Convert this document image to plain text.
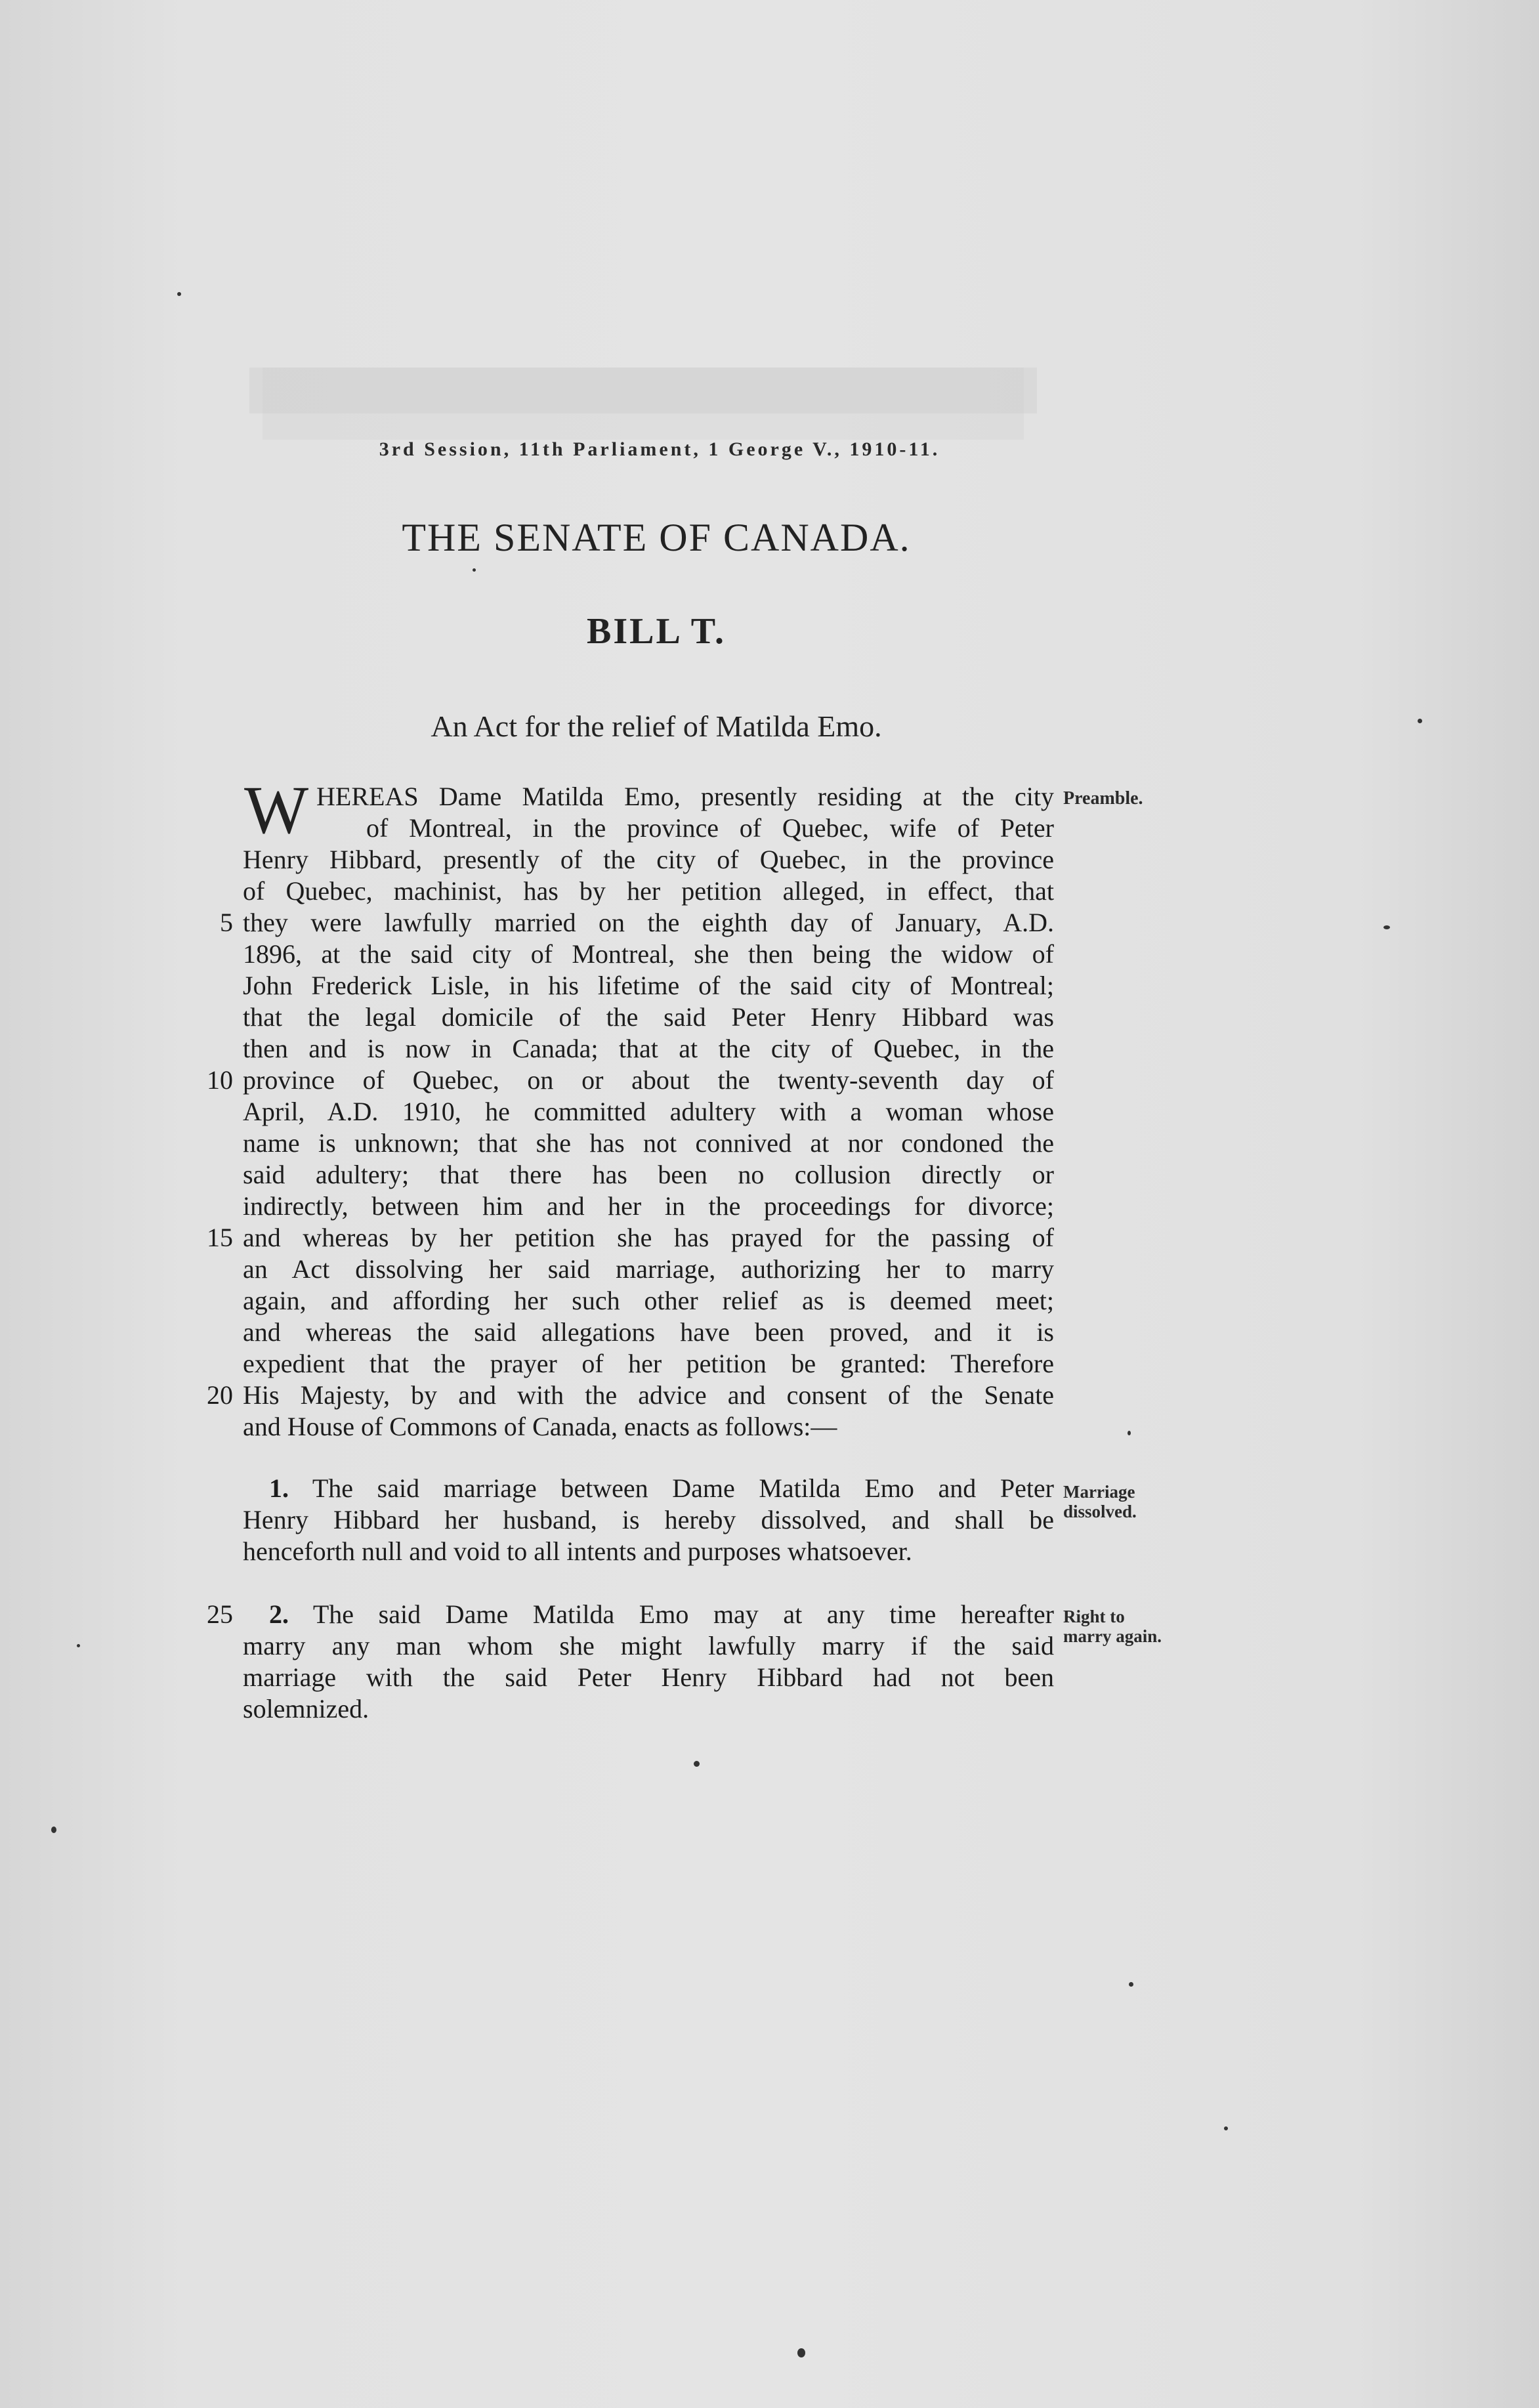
3rd Session, 11th Parliament, 1 George V., 1910-11.
THE SENATE OF CANADA.
BILL T.
An Act for the relief of Matilda Emo.
W	Preamble.
HEREAS Dame Matilda Emo, presently residing at the city
of Montreal, in the province of Quebec, wife of Peter
Henry Hibbard, presently of the city of Quebec, in the province
of Quebec, machinist, has by her petition alleged, in effect, that
they were lawfully married on the eighth day of January, A.D.
1896, at the said city of Montreal, she then being the widow of
John Frederick Lisle, in his lifetime of the said city of Montreal;
that the legal domicile of the said Peter Henry Hibbard was
then and is now in Canada; that at the city of Quebec, in the
province of Quebec, on or about the twenty-seventh day of
April, A.D. 1910, he committed adultery with a woman whose
name is unknown; that she has not connived at nor condoned the
said adultery; that there has been no collusion directly or
indirectly, between him and her in the proceedings for divorce;
and whereas by her petition she has prayed for the passing of
an Act dissolving her said marriage, authorizing her to marry
again, and affording her such other relief as is deemed meet;
and whereas the said allegations have been proved, and it is
expedient that the prayer of her petition be granted: Therefore
His Majesty, by and with the advice and consent of the Senate
and House of Commons of Canada, enacts as follows:—
5
10
15
20
1. The said marriage between Dame Matilda Emo and Peter
Henry Hibbard her husband, is hereby dissolved, and shall be
henceforth null and void to all intents and purposes whatsoever.
Marriage
dissolved.
25	2. The said Dame Matilda Emo may at any time hereafter
marry any man whom she might lawfully marry if the said
marriage with the said Peter Henry Hibbard had not been
solemnized.
Right to
marry again.
